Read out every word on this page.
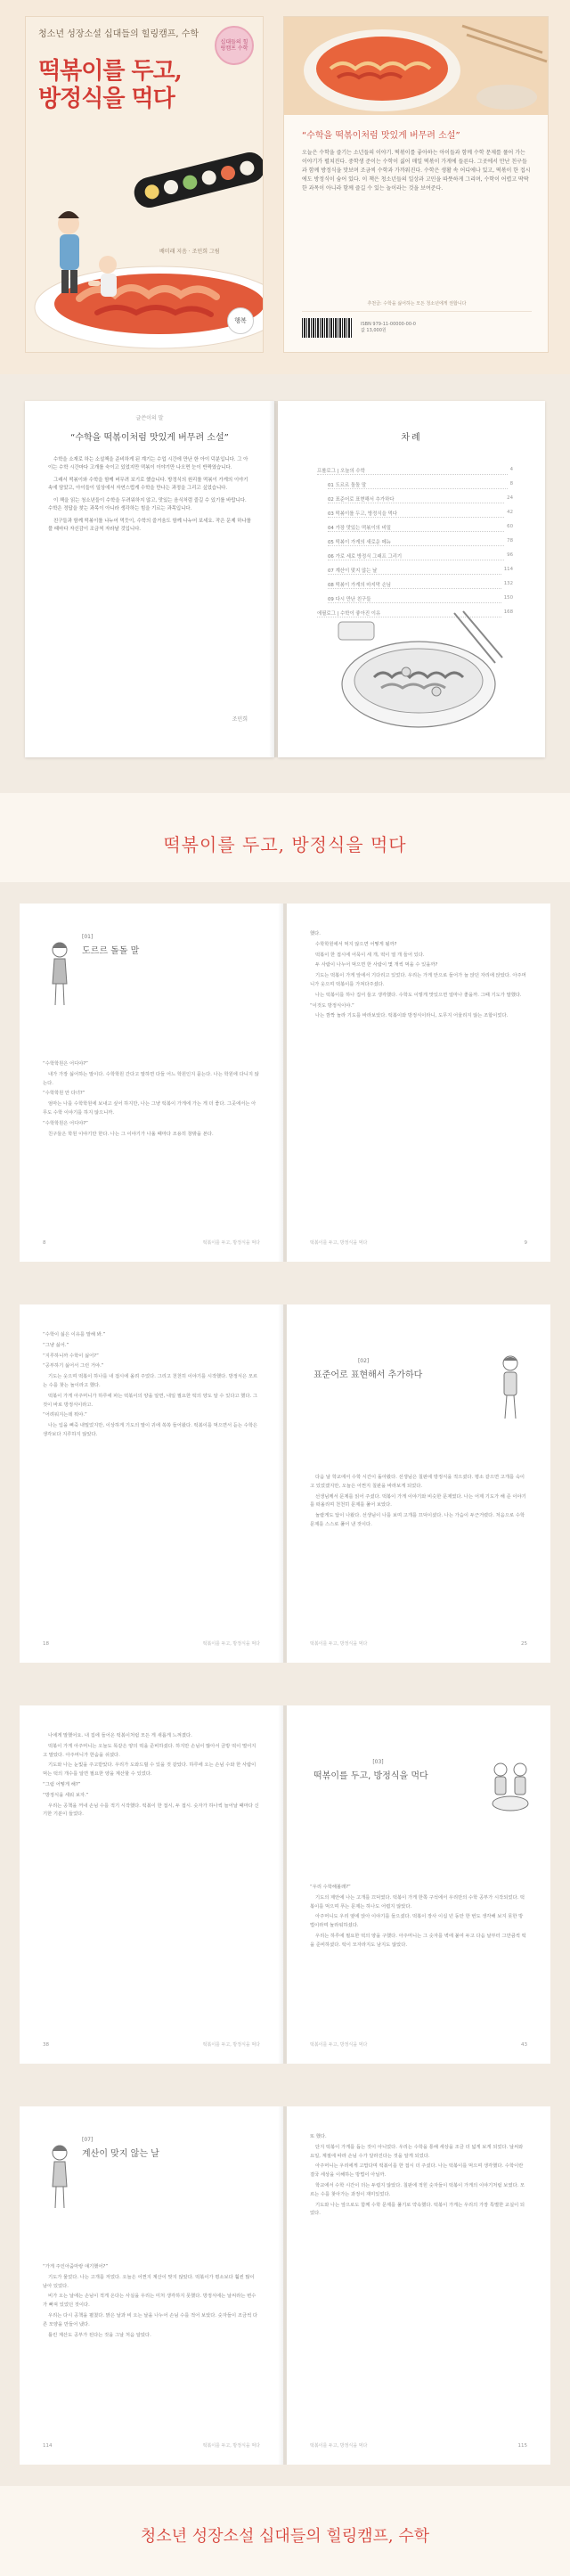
청소년 성장소설 십대들의 힐링캠프, 수학
십대들의 힐링캠프 수학
떡볶이를 두고,
방정식을 먹다
배미래 지음 · 조민희 그림
행복
“수학을 떡볶이처럼 맛있게 버무려 소설”
오늘은 수학을 즐기는 소년들의 이야기. 떡볶이를 좋아하는 아이들과 함께 수학 문제를 풀어 가는 이야기가 펼쳐진다. 중학생 준이는 수학이 싫어 매일 떡볶이 가게에 들른다. 그곳에서 만난 친구들과 함께 방정식을 맛보며 조금씩 수학과 가까워진다. 수학은 생활 속 어디에나 있고, 떡볶이 한 접시에도 방정식이 숨어 있다. 이 책은 청소년들의 일상과 고민을 따뜻하게 그리며, 수학이 어렵고 딱딱한 과목이 아니라 함께 즐길 수 있는 놀이라는 것을 보여준다.
추천글: 수학을 싫어하는 모든 청소년에게 권합니다
ISBN 979-11-00000-00-0
값 13,000원
글쓴이의 말
“수학을 떡볶이처럼 맛있게 버무려 소설”

수학을 소재로 하는 소설책을 준비하게 된 계기는 수업 시간에 만난 한 아이 덕분입니다. 그 아이는 수학 시간마다 고개를 숙이고 있었지만 떡볶이 이야기만 나오면 눈이 반짝였습니다.

그래서 떡볶이와 수학을 함께 버무려 보기로 했습니다. 방정식의 원리를 떡볶이 가게의 이야기 속에 담았고, 아이들이 일상에서 자연스럽게 수학을 만나는 과정을 그리고 싶었습니다.

이 책을 읽는 청소년들이 수학을 두려워하지 않고, 맛있는 음식처럼 즐길 수 있기를 바랍니다. 수학은 정답을 찾는 과목이 아니라 생각하는 힘을 기르는 과목입니다.

친구들과 함께 떡볶이를 나누어 먹듯이, 수학의 즐거움도 함께 나누어 보세요. 작은 문제 하나를 풀 때마다 자신감이 조금씩 자라날 것입니다.

조민희
차례
프롤로그 | 오늘의 수학	4
01 도르르 돌돌 말	8
02 표준어로 표현해서 추가하다	24
03 떡볶이를 두고, 방정식을 먹다	42
04 가장 맛있는 떡볶이의 비밀	60
05 떡볶이 가게의 새로운 메뉴	78
06 가로 세로 방정식 그래프 그리기	96
07 계산이 맞지 않는 날	114
08 떡볶이 가게의 마지막 손님	132
09 다시 만난 친구들	150
에필로그 | 수학이 좋아진 이유	168
떡볶이를 두고, 방정식을 먹다
[01]
도르르 돌돌 말

“수학학원은 어디야?”

내가 가장 싫어하는 말이다. 수학학원 간다고 말하면 다들 어느 학원인지 묻는다. 나는 학원에 다니지 않는다.

“수학학원 안 다녀?”

엄마는 나를 수학학원에 보내고 싶어 하지만, 나는 그냥 떡볶이 가게에 가는 게 더 좋다. 그곳에서는 아무도 수학 이야기를 하지 않으니까.

“수학학원은 어디야?”

친구들은 학원 이야기만 한다. 나는 그 이야기가 나올 때마다 조용히 창밖을 본다.

8	떡볶이를 두고, 방정식을 먹다

했다.

수학학원에서 먹지 않으면 어떻게 될까?

떡볶이 한 접시에 어묵이 세 개, 떡이 열 개 들어 있다.

두 사람이 나누어 먹으면 한 사람이 몇 개씩 먹을 수 있을까?

기도는 떡볶이 가게 앞에서 기다리고 있었다. 우리는 가게 안으로 들어가 늘 앉던 자리에 앉았다. 아주머니가 웃으며 떡볶이를 가져다주셨다.

나는 떡볶이를 하나 집어 들고 생각했다. 수학도 이렇게 맛있으면 얼마나 좋을까. 그때 기도가 말했다.

“이것도 방정식이야.”

나는 깜짝 놀라 기도를 바라보았다. 떡볶이와 방정식이라니, 도무지 어울리지 않는 조합이었다.

떡볶이를 두고, 방정식을 먹다	9

“수학이 싫은 이유를 말해 봐.”

“그냥 싫어.”

“지루하니까 수학이 싫어?”

“공부하기 싫어서 그런 거야.”

기도는 웃으며 떡볶이 하나를 내 접시에 올려 주었다. 그리고 천천히 이야기를 시작했다. 방정식은 모르는 수를 찾는 놀이라고 했다.

떡볶이 가게 아주머니가 하루에 파는 떡볶이의 양을 알면, 내일 필요한 떡의 양도 알 수 있다고 했다. 그것이 바로 방정식이라고.

“어려워지는데 뭐야.”

나는 입을 삐죽 내밀었지만, 이상하게 기도의 말이 귀에 쏙쏙 들어왔다. 떡볶이를 먹으면서 듣는 수학은 생각보다 지루하지 않았다.

18	떡볶이를 두고, 방정식을 먹다
[02]
표준어로 표현해서 추가하다

다음 날 학교에서 수학 시간이 돌아왔다. 선생님은 칠판에 방정식을 적으셨다. 평소 같으면 고개를 숙이고 있었겠지만, 오늘은 어쩐지 칠판을 바라보게 되었다.

선생님께서 문제를 읽어 주셨다. 떡볶이 가게 이야기와 비슷한 문제였다. 나는 어제 기도가 해 준 이야기를 떠올리며 천천히 문제를 풀어 보았다.

놀랍게도 답이 나왔다. 선생님이 나를 보며 고개를 끄덕이셨다. 나는 가슴이 두근거렸다. 처음으로 수학 문제를 스스로 풀어 낸 것이다.

떡볶이를 두고, 방정식을 먹다	25

나에게 말했어요. 내 집에 들어온 떡볶이처럼 모든 게 새롭게 느껴졌다.

떡볶이 가게 아주머니는 오늘도 똑같은 양의 떡을 준비하셨다. 하지만 손님이 많아서 금방 떡이 떨어지고 말았다. 아주머니가 한숨을 쉬셨다.

기도와 나는 눈빛을 주고받았다. 우리가 도와드릴 수 있을 것 같았다. 하루에 오는 손님 수와 한 사람이 먹는 떡의 개수를 알면 필요한 양을 계산할 수 있었다.

“그럼 어떻게 해?”

“방정식을 세워 보자.”

우리는 공책을 꺼내 손님 수를 적기 시작했다. 떡볶이 한 접시, 두 접시. 숫자가 하나씩 늘어날 때마다 신기한 기분이 들었다.

38	떡볶이를 두고, 방정식을 먹다
[03]
떡볶이를 두고, 방정식을 먹다

“우리 수학해볼래?”

기도의 제안에 나는 고개를 끄덕였다. 떡볶이 가게 한쪽 구석에서 우리만의 수학 공부가 시작되었다. 떡볶이를 먹으며 푸는 문제는 하나도 어렵지 않았다.

아주머니도 우리 옆에 앉아 이야기를 들으셨다. 떡볶이 장사 이십 년 동안 한 번도 생각해 보지 못한 방법이라며 놀라워하셨다.

우리는 하루에 필요한 떡의 양을 구했다. 아주머니는 그 숫자를 벽에 붙여 두고 다음 날부터 그만큼씩 떡을 준비하셨다. 떡이 모자라지도 남지도 않았다.

떡볶이를 두고, 방정식을 먹다	43
[07]
계산이 맞지 않는 날

“가게 주인아줌마랑 얘기했어?”

기도가 물었다. 나는 고개를 저었다. 오늘은 어쩐지 계산이 맞지 않았다. 떡볶이가 평소보다 훨씬 많이 남아 있었다.

비가 오는 날에는 손님이 적게 온다는 사실을 우리는 미처 생각하지 못했다. 방정식에는 날씨라는 변수가 빠져 있었던 것이다.

우리는 다시 공책을 펼쳤다. 맑은 날과 비 오는 날을 나누어 손님 수를 적어 보았다. 숫자들이 조금씩 다른 모양을 만들어 냈다.

틀린 계산도 공부가 된다는 것을 그날 처음 알았다.

114	떡볶이를 두고, 방정식을 먹다

또 했다.

단지 떡볶이 가게를 돕는 것이 아니었다. 우리는 수학을 통해 세상을 조금 더 넓게 보게 되었다. 날씨와 요일, 계절에 따라 손님 수가 달라진다는 것을 알게 되었다.

아주머니는 우리에게 고맙다며 떡볶이를 한 접시 더 주셨다. 나는 떡볶이를 먹으며 생각했다. 수학이란 결국 세상을 이해하는 방법이 아닐까.

학교에서 수학 시간이 더는 두렵지 않았다. 칠판에 적힌 숫자들이 떡볶이 가게의 이야기처럼 보였다. 모르는 수를 찾아가는 과정이 재미있었다.

기도와 나는 앞으로도 함께 수학 문제를 풀기로 약속했다. 떡볶이 가게는 우리의 가장 특별한 교실이 되었다.

떡볶이를 두고, 방정식을 먹다	115
청소년 성장소설 십대들의 힐링캠프, 수학
